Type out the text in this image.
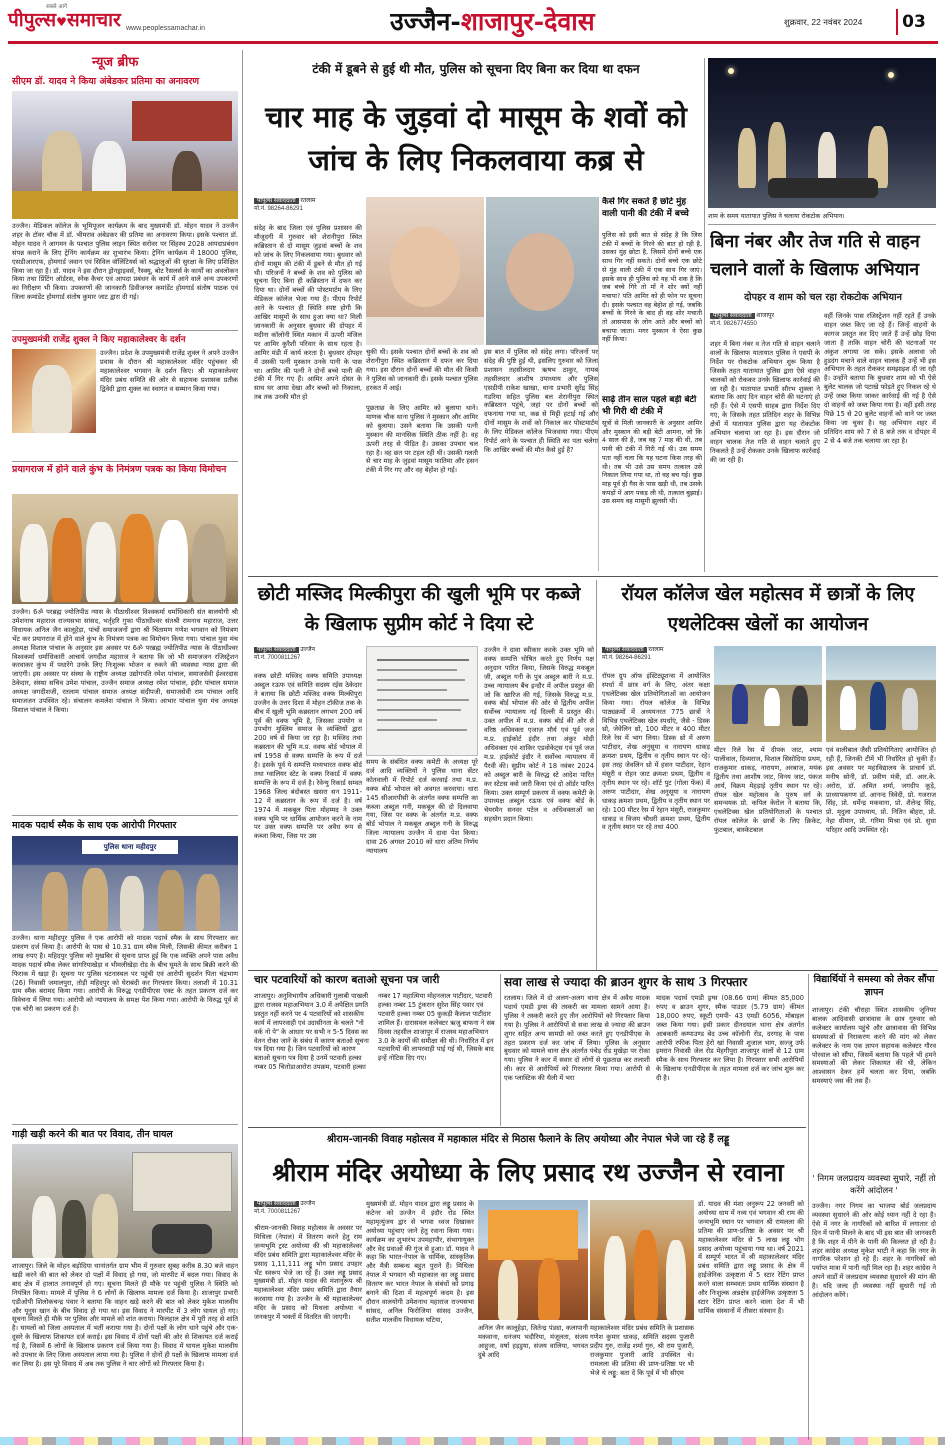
सबसे आगे
पीपुल्स♥समाचार www.peoplessamachar.in	उज्जैन-शाजापुर-देवास	शुक्रवार, 22 नवंबर 2024	03
न्यूज ब्रीफ
सीएम डॉ. यादव ने किया अंबेडकर प्रतिमा का अनावरण
उज्जैन। मेडिकल कॉलेज के भूमिपूजन कार्यक्रम के बाद मुख्यमंत्री डॉ. मोहन यादव ने उज्जैन शहर के टॉवर चौक में डॉ. भीमराव अंबेडकर की प्रतिमा का अनावरण किया। इसके पश्चात डॉ. मोहन यादव ने आगमन के पश्चात पुलिस लाइन स्थित सरोवर पर सिंहस्थ 2028 आपदाप्रबंधन संपन्न कराने के लिए ट्रेनिंग कार्यक्रम का शुभारंभ किया। ट्रेनिंग कार्यक्रम में 18000 पुलिस, एसडीआरएफ, होमगार्ड जवान एवं सिविल वॉलिंटियर्स को श्रद्धालुओं की सुरक्षा के लिए प्रशिक्षित किया जा रहा है। डॉ. यादव ने इस दौरान ड्रोनड्राइवर्स, रैस्क्यू, बोट रैसलर्स के कार्यों का अवलोकन किया तथा प्रिंटिंग ऑर्डरस, स्नेक कैचर एवं आपदा प्रबंधन के कार्य में आने वाले अन्य उपकरणों का निरीक्षण भी किया। उपकरणों की जानकारी डिवीजनल कमांडेंट होमगार्ड संतोष पाठक एवं जिला कमांडेंट होमगार्ड संतोष कुमार जाट द्वारा दी गई।
उपमुख्यमंत्री राजेंद्र शुक्ल ने किए महाकालेश्वर के दर्शन
उज्जैन। प्रदेश के उपमुख्यमंत्री राजेंद्र शुक्ल ने अपने उज्जैन प्रवास के दौरान श्री महाकालेश्वर मंदिर पहुंचकर श्री महाकालेश्वर भगवान के दर्शन किए। श्री महाकालेश्वर मंदिर प्रबंध समिति की ओर से सहायक प्रशासक प्रतीक द्विवेदी द्वारा शुक्ल का स्वागत व सम्मान किया गया।
प्रयागराज में होने वाले कुंभ के निमंत्रण पत्रक का किया विमोचन
उज्जैन। 6ॐ परब्रह्म ज्योतिपीठ न्यास के पीठाधीश्वर विश्वकर्मा धर्माधिकारी संत बालयोगी श्री उमेशनाथ महाराज राज्यसभा सांसद, भर्तृहरि गुफा पीठाधीश्वर संतश्री रामनाथ महाराज, उत्तर विधायक अनिल जैन कालूहेड़ा, पांचों समाजजनों द्वारा श्री चिंतामण गणेश भगवान को निमंत्रण भेंट कर प्रयागराज में होने वाले कुंभ के निमंत्रण पत्रक का विमोचन किया गया। पांचाल युवा मंच अध्यक्ष विशाल पांचाल के अनुसार इस अवसर पर 6ॐ परब्रह्म ज्योतिपीठ न्यास के पीठाधीश्वर विश्वकर्मा धर्माधिकारी आचार्य जगदीश महाराज ने बताया कि जो भी समाजजन रजिस्ट्रेशन करवाकर कुंभ में पधारेंगे उनके लिए निःशुल्क भोजन व रुकने की व्यवस्था न्यास द्वारा की जाएगी। इस अवसर पर संस्था के राष्ट्रीय अध्यक्ष उद्योगपति रमेश पांचाल, समाजसेवी ईश्वरदास ठेकेदार, संस्था सचिव उमेश पांचाल, उज्जैन समाज अध्यक्ष रमेश पांचाल, इंदौर पांचाल समाज अध्यक्ष जगदीशजी, रतलाम पांचाल समाज अध्यक्ष संदीपजी, समाजसेवी राम पांचाल आदि समाजजन उपस्थित रहे। संचालन कमलेश पांचाल ने किया। आभार पांचाल युवा मंच अध्यक्ष विशाल पांचाल ने किया।
मादक पदार्थ स्मैक के साथ एक आरोपी गिरफ्तार
पुलिस थाना महीदपुर
उज्जैन। थाना महीदपुर पुलिस ने एक आरोपी को मादक पदार्थ स्मैक के साथ गिरफ्तार कर प्रकरण दर्ज किया है। आरोपी के पास से 10.31 ग्राम स्मैक मिली, जिसकी कीमत करीबन 1 लाख रुपए है। महिदपुर पुलिस को मुखबिर से सूचना प्राप्त हुई कि एक व्यक्ति अपने पास अवैध मादक पदार्थ स्मैक लेकर सांगरियाखेड़ा व भीमलीखेड़ा रोड के बीच घूमते के साथ बिक्री करने की फिराक में खड़ा है। सूचना पर पुलिस घटनास्थल पर पहुंची एवं आरोपी सुदर्शन पिता चंद्रभाण (26) निवासी जमालपुरा, तोड़ी महिदपुर को घेराबंदी कर गिरफ्तार किया। तलाशी में 10.31 ग्राम स्मैक बरामद किया गया। आरोपी के विरुद्ध एनडीपीएस एक्ट के तहत प्रकरण दर्ज कर विवेचना में लिया गया। आरोपी को न्यायालय के समक्ष पेश किया गया। आरोपी के विरुद्ध पूर्व से एक चोरी का प्रकरण दर्ज है।
गाड़ी खड़ी करने की बात पर विवाद, तीन घायल
शाजापुर। जिले के मोहन बड़ोदिया थानांतर्गत ग्राम भीम में गुरुवार सुबह करीब 8.30 बजे वाहन खड़ी करने की बात को लेकर दो पक्षों में विवाद हो गया, जो मारपीट में बदल गया। विवाद के बाद क्षेत्र में हालात तनावपूर्ण हो गए। सूचना मिलते ही मौके पर पहुंची पुलिस ने स्थिति को नियंत्रित किया। मामले में पुलिस ने 6 लोगों के खिलाफ मामला दर्ज किया है। शाजापुर प्रभारी एडीओपी शिलोकचन्द्र पंवार ने बताया कि वाहन खड़े करने की बात को लेकर मुकेश मालवीय और यूनुस खान के बीच विवाद हो गया था। इस विवाद ने मारपीट में 3 लोग घायल हो गए। सूचना मिलते ही मौके पर पुलिस और मामले को शांत कराया। फिलहाल क्षेत्र में पूरी तरह से शांति है। घायलों को जिला अस्पताल में भर्ती कराया गया है। दोनों पक्षों के लोग थाने पहुंचे और एक-दूसरे के खिलाफ शिकायत दर्ज कराई। इस विवाद में दोनों पक्षों की ओर से शिकायत दर्ज कराई गई है, जिसमें 6 लोगों के खिलाफ प्रकरण दर्ज किया गया है। विवाद में घायल मुकेश मालवीय को उपचार के लिए जिला अस्पताल लाया गया है। पुलिस ने दोनों ही पक्षों के खिलाफ मामला दर्ज कर लिया है। इस पूरे विवाद में अब तक पुलिस ने चार लोगों को गिरफ्तार किया है।
टंकी में डूबने से हुई थी मौत, पुलिस को सूचना दिए बिना कर दिया था दफन
चार माह के जुड़वां दो मासूम के शवों को जांच के लिए निकलवाया कब्र से
पीपुल्स संवाददाता रतलाम
मो.नं. 98264-86291
संदेह के बाद जिला एवं पुलिस प्रशासन की मौजूदगी में गुरुवार को शेरानीपुरा स्थित कब्रिस्तान से दो मासूम जुड़वां बच्चों के शव को जांच के लिए निकलवाया गया। बुधवार को दोनों मासूम की टंकी में डूबने से मौत हो गई थी। परिजनों ने बच्चों के शव को पुलिस को सूचना दिए बिना ही कब्रिस्तान में दफन कर दिया था। दोनों बच्चों की पोस्टमार्टम के लिए मेडिकल कॉलेज भेजा गया है। पीएम रिपोर्ट आने के पश्चात ही स्थिति स्पष्ट होगी कि आखिर मासूमों के साथ हुआ क्या था? मिली जानकारी के अनुसार बुधवार की दोपहर में मदीना कॉलोनी स्थित मकान में ऊपरी मंजिल पर आमिर कुरैशी परिवार के साथ रहता है। आमिर मंडी में कार्य करता है। बुधवार दोपहर में उसकी पत्नी मुस्कान उनके पानी के पास था। आमिर की पत्नी ने दोनों बच्चे पानी की टंकी में गिर गए हैं। आमिर अपने दोस्त के साथ घर आया देखा और बच्चों को निकाला, तब तक उनकी मौत हो
चुकी थी। इसके पश्चात दोनों बच्चों के शव को शेरानीपुरा स्थित कब्रिस्तान में दफन कर दिया गया। इस दौरान दोनों बच्चों की मौत की किसी ने पुलिस को जानकारी दी। इसके पश्चात पुलिस हरकत में आई।
पूछताछ के लिए आमिर को बुलाया थाने। माणक चौक थाना पुलिस ने मुस्कान और आमिर को बुलाया। उसने बताया कि उसकी पत्नी मुस्कान की मानसिक स्थिति ठीक नहीं है। वह ऊपरी तरह से पीड़ित है। उसका उपचार चल रहा है। वह छत पर टहल रही थी। उसकी गलती से चार माह के जुड़वां मासूम फातिमा और हसन टंकी में गिर गए और वह बेहोश हो गई।
इस बात में पुलिस को संदेह लगा। परिजनों पर संदेह की पुष्टि हुई थी, इसलिए गुरुवार को जिला प्रशासन तहसीलदार ऋषभ ठाकुर, नायब तहसीलदार आशीष उपाध्याय और पुलिस एसडीपी राकेश खाखा, थाना प्रभारी सुरेंद्र सिंह गडरिया सहित पुलिस बल शेरानीपुरा स्थित कब्रिस्तान पहुंचे, जहां पर दोनों बच्चों को दफनाया गया था, कब्र से मिट्टी हटाई गई और दोनों मासूम के शवों को निकाल कर पोस्टमार्टम के लिए मेडिकल कॉलेज भिजवाया गया। पीएम रिपोर्ट आने के पश्चात ही स्थिति का पता चलेगा कि आखिर बच्चों की मौत कैसे हुई है?
कैसे गिर सकते हैं छोटे मुंह वाली पानी की टंकी में बच्चे
पुलिस को इसी बात से संदेह है कि जिस टंकी में बच्चों के गिरने की बात हो रही है, उसका मुंह छोटा है, जिसमें दोनों बच्चे एक साथ गिर नहीं सकते। दोनों बच्चे एक छोटे से मुंह वाली टंकी में एक साथ गिर जाएं। इसके साथ ही पुलिस को यह भी शक है कि जब बच्चे गिरे तो माँ ने शोर क्यों नहीं मचाया? पति आमिर को ही फोन पर सूचना दी। इसके पश्चात वह बेहोश हो गई, जबकि बच्चों के गिरने के बाद ही वह शोर मचाती तो आसपास के लोग आते और बच्चों को बचाया जाता। मगर मुस्कान ने ऐसा कुछ नहीं किया।
साढ़े तीन साल पहले बड़ी बेटी भी गिरी थी टंकी में
सूत्रों से मिली जानकारी के अनुसार आमिर और मुस्कान की बड़ी बेटी आमना, जो कि 4 साल की है, जब वह 7 माह की थी, तब पानी की टंकी में गिरी गई थी। उस समय पता नहीं चला कि यह घटना किस तरह की थी। तब भी उसे उस समय तत्काल उसे निकाल लिया गया था, तो वह बच गई। कुछ माह पूर्व ही गैस के पास खड़ी थी, तब उसके कपड़ों में आग पकड़ ली थी, तत्काल बुझाई। उस समय वह मासूमी झुलसी थी।
शाम के समय यातायात पुलिस ने चलाया रोकटोक अभियान।
बिना नंबर और तेज गति से वाहन चलाने वालों के खिलाफ अभियान
दोपहर व शाम को चल रहा रोकटोक अभियान
पीपुल्स संवाददाता शाजापुर
मो.नं. 9826774550
शहर में बिना नंबर व तेज गति से वाहन चलाने वालों के खिलाफ यातायात पुलिस ने एसपी के निर्देश पर रोकटोक अभियान शुरू किया है जिसके तहत यातायात पुलिस द्वारा ऐसे वाहन चालकों को रोककर उनके खिलाफ कार्रवाई की जा रही है। यातायात प्रभारी सौरभ शुक्ला ने बताया कि आए दिन वाहन चोरी की घटनाएं हो रही हैं। ऐसे में एसपी साहब द्वारा निर्देश दिए गए, के जिसके तहत प्रतिदिन शहर के विभिन्न क्षेत्रों में यातायात पुलिस द्वारा यह रोकटोक अभियान चलाया जा रहा है। इस दौरान जो वाहन चालक तेज गति से वाहन चलाते हुए निकलते हैं उन्हें रोककर उनके खिलाफ कार्रवाई की जा रही है।
वहीं जिनके पास रजिस्ट्रेशन नहीं रहते हैं उनके वाहन जब्त किए जा रहे हैं। जिन्हें वाहनों के कागज प्रस्तुत कर दिए जाते हैं उन्हें छोड़ दिया जाता है ताकि वाहन चोरी की घटनाओं पर अंकुश लगाया जा सके। इसके अलावा जो हुडदंग मचाने वाले वाहन चालक हैं उन्हें भी इस अभियान के तहत रोककर समझाइश दी जा रही है। उन्होंने बताया कि बुधवार शाम को भी ऐसे बुलेट चालक जो पटाखे फोड़ते हुए निकल रहे थे उन्हें जब्त किया जाकर कार्रवाई की गई है ऐसे दो वाहनों को जब्त किया गया है। वहीं इसी तरह पिछे 15 से 20 बुलेट वाहनों को थाने पर जब्त किया जा चुका है। यह अभियान शहर में प्रतिदिन शाम को 7 से 8 बजे तक व दोपहर में 2 से 4 बजे तक चलाया जा रहा है।
छोटी मस्जिद मिल्कीपुरा की खुली भूमि पर कब्जे के खिलाफ सुप्रीम कोर्ट ने दिया स्टे
पीपुल्स संवाददाता उज्जैन
मो.नं. 7000811267
वक्फ छोटी मस्जिद वक्फ समिति उपाध्यक्ष अब्दुल रऊफ एवं समिति सदस्य रईस ठेकेदार ने बताया कि छोटी मस्जिद वक्फ मिल्कीपुरा उज्जैन के उत्तर दिशा में मोहन टॉकीज तक के बीच में खुली भूमि कब्रस्तान लगभग 200 वर्ष पूर्व की वक्फ भूमि है, जिसका उपयोग व उपभोग मुस्लिम समाज के व्यक्तियों द्वारा 200 वर्ष से किया जा रहा है। मस्जिद तथा कब्रस्तान की भूमि म.प्र. वक्फ बोर्ड भोपाल में वर्ष 1958 से वक्फ सम्पत्ति के रूप में दर्ज है। इसके पूर्व ये सम्पत्ति मध्यभारत वक्फ बोर्ड तथा ग्वालियर स्टेट के वक्फ रिकार्ड में वक्फ सम्पत्ति के रूप में दर्ज है। रेवेन्यु रिकार्ड सम्वत 1968 जिल्द बंदोबस्त खसरा सन 1911-12 में कब्रस्तान के रूप में दर्ज है। वर्ष 1974 में मकबूल पिता मोहम्मद ने उक्त वक्फ भूमि पर धार्मिक आयोजन करने के नाम पर उक्त वक्फ सम्पत्ति पर अवैध रूप से कब्जा किया, जिस पर उस
समय के संबंधित वक्फ कमेटी के अध्यक्ष पूरे दर्ज आदि व्यक्तियों ने पुलिस थाना सेंटर कोतवाली में रिपोर्ट दर्ज करवाई तथा म.प्र. वक्फ बोर्ड भोपाल को अवगत करवाया। धारा 145 सीआरपीसी के अंतर्गत वक्फ सम्पत्ति का कब्जा अब्दुल गनी, मकबूल की दो दिलवाया गया, जिस पर वक्फ के अंतर्गत म.प्र. वक्फ बोर्ड भोपाल ने मकबूल अब्दुल गनी के विरुद्ध जिला न्यायालय उज्जैन में दावा पेश किया। दावा 26 अगस्त 2010 को धारा अंतिम निर्णय न्यायालय
उज्जैन ने दावा स्वीकार करके उक्त भूमि को वक्फ सम्पत्ति घोषित करते हुए निर्णय पक्ष अनुदान पारित किया, जिसके विरुद्ध मकबूल जी, अब्दुल गनी के पुत्र अब्दुल बारी ने म.प्र. उच्च न्यायालय बैंच इन्दौर में अपील प्रस्तुत की जो कि खारिज की गई, जिसके विरुद्ध म.प्र. वक्फ बोर्ड भोपाल की ओर से द्वितीय अपील सर्वोच्च न्यायालय नई दिल्ली में प्रस्तुत की। उक्त अपील में म.प्र. वक्फ बोर्ड की ओर से वरिष्ठ अधिवक्ता एजाज़ मौर्य एवं पूर्व जज म.प्र. हाईकोर्ट इंदौर तथा अंकुर मोदी अधिवक्ता एवं शाकिर एडवोकेट्स एवं पूर्व जज म.प्र. हाईकोर्ट इंदौर ने सर्वोच्च न्यायालय में पैरवी की। सुप्रीम कोर्ट ने 18 नवंबर 2024 को अब्दुल बारी के विरुद्ध स्टे आदेश पारित कर स्टेटस क्वो जारी किया एवं दो ऑर्डर पारित किया। उक्त सम्पूर्ण प्रकरण में वक्फ कमेटी के उपाध्यक्ष अब्दुल रऊफ एवं वक्फ बोर्ड के चेयरमैन सनवर पटेल व अधिवक्ताओं का सहयोग प्रदान किया।
रॉयल कॉलेज खेल महोत्सव में छात्रों के लिए एथलेटिक्स खेलों का आयोजन
पीपुल्स संवाददाता रतलाम
मो.नं. 98264-86291
रॉयल ग्रुप ऑफ इंस्टिट्यूशन्स में आयोजित स्पर्धा में छात्र वर्ग के लिए, अंतर कक्षा एथलेटिक्स खेल प्रतियोगिताओं का आयोजन किया गया। रॉयल कॉलेज के विभिन्न पाठ्यक्रमों में अध्ययनरत 775 छात्रों ने विभिन्न एथलेटिक्स खेल स्पर्धाएं, जैसे - डिस्क थ्रो, जेवेलिन थ्रो, 100 मीटर व 400 मीटर रिले रेस में भाग लिया। डिस्क थ्रो में अरुण पाटीदार, शेख अनुसूया व नारायण धाकड़ क्रमशः प्रथम, द्वितीय व तृतीय स्थान पर रहे। इस तरह जेवलिन थ्रो में हसन पाटीदार, रेहान मंसूरी व रोहन जाट क्रमशः प्रथम, द्वितीय व तृतीय स्थान पर रहे। शॉर्ट पुट (गोला फेंक) में अरुण पाटीदार, शेख अनुसूया व नारायण धाकड़ क्रमशः प्रथम, द्वितीय व तृतीय स्थान पर रहे। 100 मीटर रेस में रेहान मंसूरी, राजकुमार धाकड़ व विजय चौधरी क्रमशः प्रथम, द्वितीय व तृतीय स्थान पर रहे तथा 400
मीटर रिले रेस में दीपक जाट, श्याम पालीवाल, दिव्यराज, विशाल सिसोदिया प्रथम, राजकुमार धाकड़, नारायण, अरबाज, मयंक द्वितीय तथा आशीष जाट, विनय जाट, पंकज आर्य, विक्रम मेहड़ाई तृतीय स्थान पर रहे। रॉयल खेल महोत्सव के पुरुष वर्ग के समन्वयक प्रो. कपिल केरोल ने बताया कि, एथलेटिक्स खेल प्रतियोगिताओं के पश्चात रॉयल कॉलेज के छात्रों के लिए क्रिकेट, फुटबाल, बास्केटबाल
एवं वालीबाल जैसी प्रतियोगिताएं आयोजित हो रही हैं, जिनकी टीमें भी निर्धारित हो चुकी हैं। इस अवसर पर महाविद्यालय के प्राचार्य डॉ. मनीष सोनी, डॉ. प्रवीण मंत्री, डॉ. आर.के. अरोरा, डॉ. अमित शर्मा, जगदीप कूड़े, प्राध्यापकगण डॉ. आनन्द त्रिवेदी, प्रो. गजराज सिंह, प्रो. धर्मेन्द्र मकवाना, प्रो. शैलेन्द्र सिंह, प्रो. मृदुला उपाध्याय, प्रो. नितिन बोहरा, प्रो. नेहा धीमान, प्रो. गरिमा मिश्रा एवं प्रो. सुधा परिहार आदि उपस्थित रहे।
चार पटवारियों को कारण बताओ सूचना पत्र जारी
शाजापुर। अनुविभागीय अधिकारी गुलाबी पाखली द्वारा राजस्व महाअभियान 3.0 में अपेक्षित प्रगति प्रस्तुत नहीं करने पर 4 पटवारियों को शासकीय कार्य में लापरवाही एवं उदासीनता के चलते "नो वर्क नो पे" के आधार पर सभी न 5-5 दिवस का वेतन रोका जाने के संबंध में कारण बताओ सूचना पत्र दिया गया है। जिन पटवारियों को कारण बताओ सूचना पत्र दिया है उनमें पटवारी हल्का नम्बर 05 चितोडाआरोरा उपक्रम, पटवारी हल्का नम्बर 17 महात्मिया मोहनलाल पाटीदार, पटवारी हल्का नम्बर 15 टुंकरान सुरेश सिंह पवार एवं पटवारी हल्का नम्बर 05 कुकड़ी कैलाश पाटीदार शामिल हैं। दारासवल कलेक्टर ऋजु बाफना ने सब दिवस तहसील शाजापुर में राजस्व महाअभियान 3.0 के कार्यों की समीक्षा की थी। निर्धारित में इन पटवारियों की लापरवाही पाई गई थी, जिसके बाद इन्हें नोटिस दिए गए।
सवा लाख से ज्यादा की ब्राउन शुगर के साथ 3 गिरफ्तार
रतलाम। जिले में दो अलग-अलग थाना क्षेत्र में अवैध मादक पदार्थ एमडी ड्रग्स की तस्करी का मामला सामने आया है। पुलिस ने तस्करी करते हुए तीन आरोपियों को गिरफ्तार किया गया है। पुलिस ने आरोपियों से सवा लाख से ज्यादा की ब्राउन शुगर सहित अन्य सामग्री को जब्त करते हुए एनडीपीएस के तहत प्रकरण दर्ज कर जांच में लिया। पुलिस के अनुसार बुधवार को मामले थाना क्षेत्र अंतर्गत पंचेड़ रोड मुखेड़ा पर रोका गया। पुलिस ने कार में सवार दो लोगों से पूछताछ कर तलाशी ली। कार से आरोपियों को गिरफ्तार किया गया। आरोपी से एक प्लास्टिक की थैली में भरा
मादक पदार्थ एमडी ड्रग्स (08.66 ग्राम) कीमत 85,000 रुपए व ब्राउन शुगर, स्मैक पाउडर (5.79 ग्राम) कीमत 18,000 रुपए, स्कूटी एमपी- 43 एमडी 6056, मोबाइल जब्त किया गया। इसी प्रकार दीनदयाल थाना क्षेत्र अंतर्गत आबकारी कम्पाउण्ड बेद उच्च कॉलोनी रोड, दरगाह के पास आरोपी रफीक पिता हेरो खां निवासी शुजाल भाग, सज्जु उर्फ इमरान निवासी जेल रोड मेहगीपुरा शाजापुर वालों से 12 ग्राम स्मैक के साथ गिरफ्तार कर लिया है। गिरफ्तार सभी आरोपियों के खिलाफ एनडीपीएस के तहत मामला दर्ज कर जांच शुरू कर दी है।
विद्यार्थियों ने समस्या को लेकर सौंपा ज्ञापन
शाजापुर। टंकी चौराहा स्थित शासकीय जूनियर बालक आदिवासी छात्रावास के छात्र गुरुवार को कलेक्टर कार्यालय पहुंचे और छात्रावास की विभिन्न समस्याओं से निराकरण करने की मांग को लेकर कलेक्टर के नाम एक ज्ञापन सहायक कलेक्टर गौरव पोरवाल को सौंपा, जिसमें बताया कि पहले भी हमने समस्याओं की लेकर शिकायत की थी, लेकिन आश्वासन देकर हमें चलता कर दिया, जबकि समस्याएं जस की तस हैं।
' निगम जलप्रदाय व्यवस्था सुधारे, नहीं तो करेंगे आंदोलन '
उज्जैन। नगर निगम का भाजपा बोर्ड जलप्रदाय व्यवस्था सुधारने की ओर कोई ध्यान नहीं दे रहा है। ऐसे में नगर के नागरिकों को बारिश में लगातार दो दिन में पानी मिलने के बाद भी इस बात की जानकारी है कि शहर में पीने के पानी की किल्लत हो रही है। शहर कांग्रेस अध्यक्ष मुकेश भाटी ने कहा कि नगर के नागरिक परेशान हो रहे हैं। शहर के नागरिकों को पर्याप्त मात्रा में पानी नहीं मिल रहा है। शहर कांग्रेस ने अपने वार्डों में जलप्रदाय व्यवस्था सुधारने की मांग की है। यदि जल्द ही व्यवस्था नहीं सुधारी गई तो आंदोलन करेंगे।
श्रीराम-जानकी विवाह महोत्सव में महाकाल मंदिर से मिठास फैलाने के लिए अयोध्या और नेपाल भेजे जा रहे हैं लड्डू
श्रीराम मंदिर अयोध्या के लिए प्रसाद रथ उज्जैन से रवाना
पीपुल्स संवाददाता उज्जैन
मो.नं. 7000811267
श्रीराम-जानकी विवाह महोत्सव के अवसर पर मिथिला (नेपाल) में वितरण करने हेतु राम जन्मभूमि ट्रस्ट अयोध्या की श्री महाकालेश्वर मंदिर प्रबंध समिति द्वारा महाकालेश्वर मंदिर के प्रसाद 1,11,111 लड्डू भोग प्रसाद उपहार भेंट स्वरूप भेजे जा रहे हैं। उक्त लड्डू प्रसाद मुख्यमंत्री डॉ. मोहन यादव की मंशानुरूप श्री महाकालेश्वर मंदिर प्रबंध समिति द्वारा तैयार करवाया गया है। उज्जैन के श्री महाकालेश्वर मंदिर के प्रसाद को मिथला अयोध्या व जनकपुर में भक्तों में वितरित की जाएगी।
मुख्यमंत्री डॉ. मोहन यादव द्वारा लड्डू प्रसाद के कंटेनर को उज्जैन में इंदौर रोड स्थित महामृत्युंजय द्वार से भगवा ध्वज दिखाकर अयोध्या पहुंचाए जाने हेतु रवाना किया गया। कार्यक्रम का शुभारंभ उपमहापौर, संभागायुक्त और वेद प्रवाओं की गूंज से हुआ। डॉ. यादव ने कहा कि भारत-नेपाल के धार्मिक, सांस्कृतिक और मैत्री सम्बन्ध बहुत पुराने हैं। मिथिला नेपाल में भगवान श्री महाकाल का लड्डू प्रसाद वितरण कर भारत नेपाल के संबंधों को प्रगाढ़ बनाने की दिशा में महत्वपूर्ण कदम है। इस दौरान वालयोगी उमेशनाथ महाराज राज्यसभा सांसद, अनिल फिरोजिया सांसद उज्जैन, सतीश मालवीय विधायक घटिया,
अनिल जैन कालूहेड़ा, जितेन्द्र पंड्या, कलापानी मकवाना, धनंजय भदौरिया, मंजूलता, संजय आहुजा, वर्षा हड़डुया, संजय वालिया, भगवत दुबे आदि
महाकालेश्वर मंदिर प्रबंध समिति के प्रशासक गणेश कुमार धाकड़, समिति सदस्य पुजारी प्रदीप गुरु, राजेंद्र शर्मा गुरु, श्री राम पुजारी, राजकुमार पुजारी आदि उपस्थित थे। रामलला की प्रतिमा की प्राण-प्रतिष्ठा पर भी भेजे थे लड्डू: बता दें कि पूर्व में भी सीएम
डॉ. यादव की मंशा अनुरूप 22 जनवरी को अयोध्या धाम में नव्य एवं भगवान श्री राम की जन्मभूमि स्थान पर भगवान श्री रामलला की प्रतिमा की प्राण-प्रतिष्ठा के अवसर पर श्री महाकालेश्वर मंदिर से 5 लाख लड्डू भोग प्रसाद अयोध्या पहुंचाया गया था। वर्ष 2021 में सम्पूर्ण भारत में श्री महाकालेश्वर मंदिर प्रबंध समिति द्वारा लड्डू प्रसाद के क्षेत्र में हाईजेनिक उत्कृष्टता में 5 स्टार रेटिंग प्राप्त करने वाला सम्भवतः प्रथम धार्मिक संस्थान है और निःशुल्क अन्नक्षेत्र हाईजेनिक उत्कृष्टता 5 स्टार रेटिंग प्राप्त करने वाला देश में भी धार्मिक संस्थानों में तीसरा संस्थान है।
